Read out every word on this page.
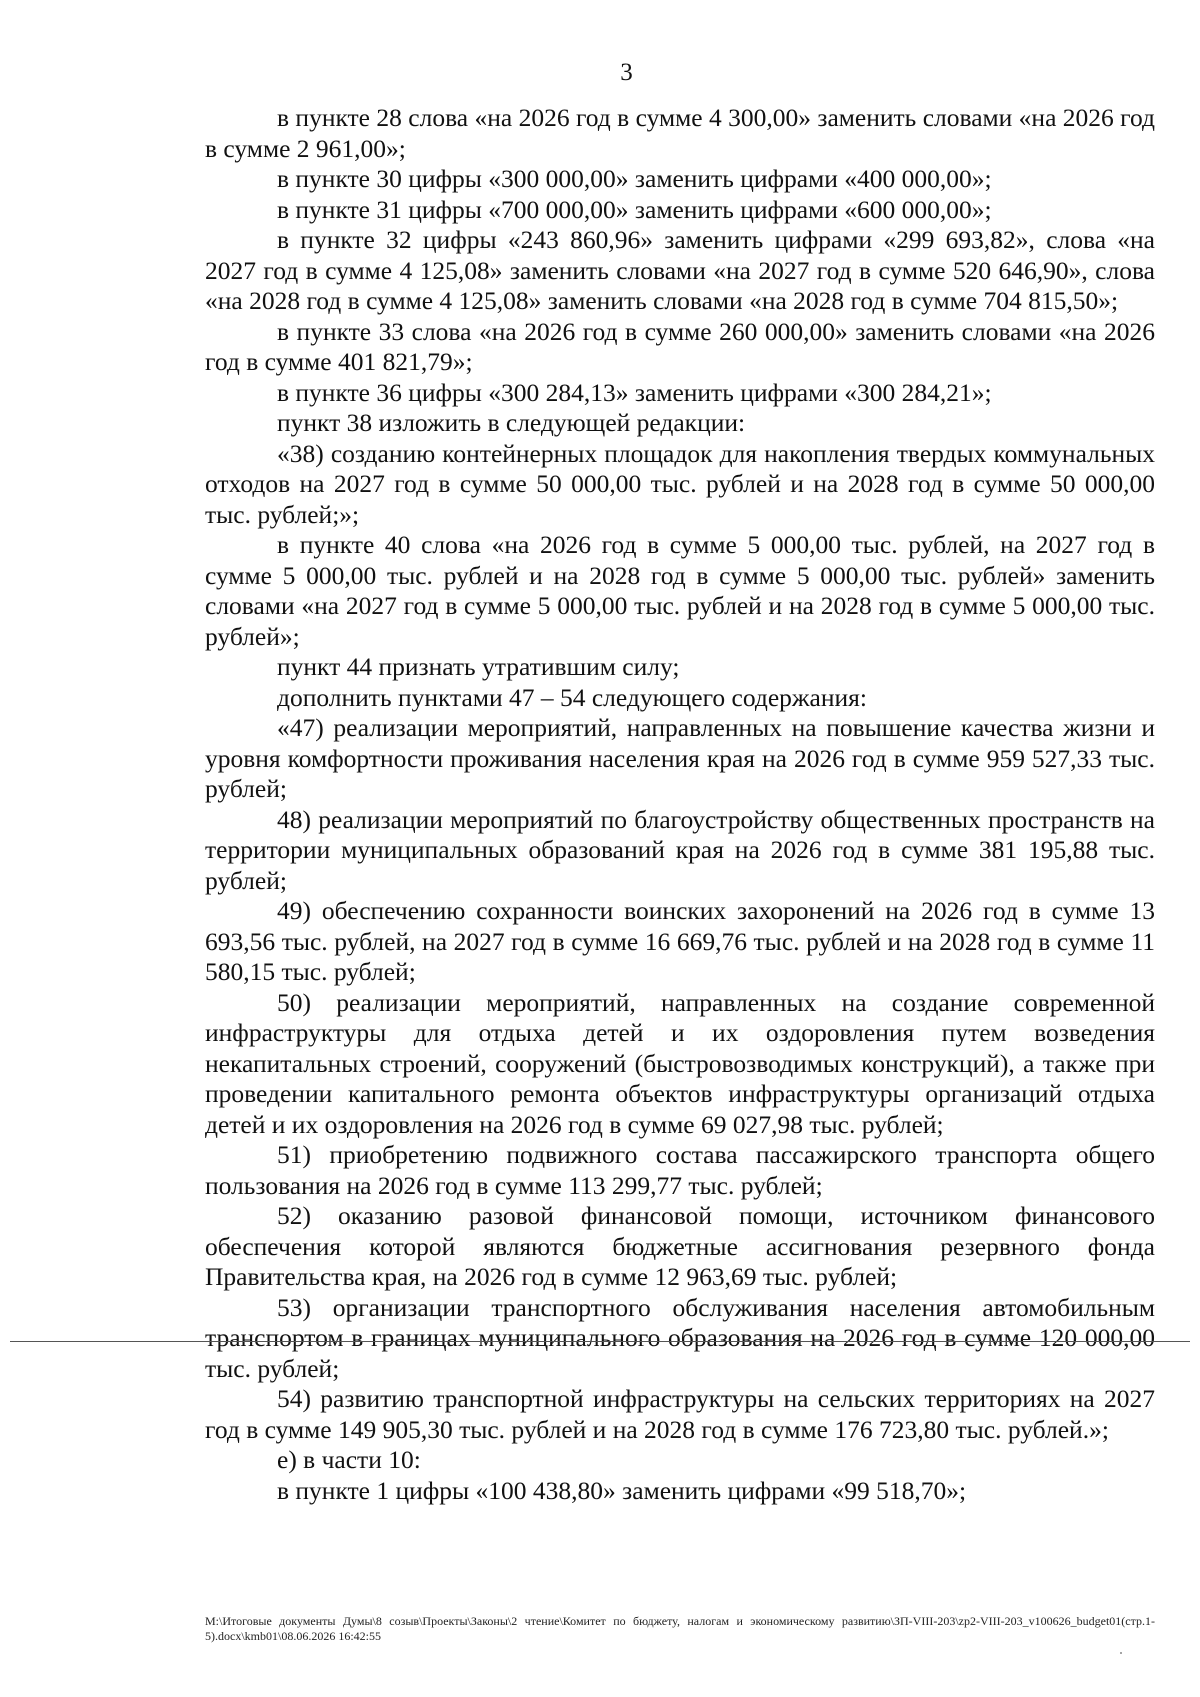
3

в пункте 28 слова «на 2026 год в сумме 4 300,00» заменить словами «на 2026 год в сумме 2 961,00»;

в пункте 30 цифры «300 000,00» заменить цифрами «400 000,00»;

в пункте 31 цифры «700 000,00» заменить цифрами «600 000,00»;

в пункте 32 цифры «243 860,96» заменить цифрами «299 693,82», слова «на 2027 год в сумме 4 125,08» заменить словами «на 2027 год в сумме 520 646,90», слова «на 2028 год в сумме 4 125,08» заменить словами «на 2028 год в сумме 704 815,50»;

в пункте 33 слова «на 2026 год в сумме 260 000,00» заменить словами «на 2026 год в сумме 401 821,79»;

в пункте 36 цифры «300 284,13» заменить цифрами «300 284,21»;

пункт 38 изложить в следующей редакции:

«38) созданию контейнерных площадок для накопления твердых коммунальных отходов на 2027 год в сумме 50 000,00 тыс. рублей и на 2028 год в сумме 50 000,00 тыс. рублей;»;

в пункте 40 слова «на 2026 год в сумме 5 000,00 тыс. рублей, на 2027 год в сумме 5 000,00 тыс. рублей и на 2028 год в сумме 5 000,00 тыс. рублей» заменить словами «на 2027 год в сумме 5 000,00 тыс. рублей и на 2028 год в сумме 5 000,00 тыс. рублей»;

пункт 44 признать утратившим силу;

дополнить пунктами 47 – 54 следующего содержания:

«47) реализации мероприятий, направленных на повышение качества жизни и уровня комфортности проживания населения края на 2026 год в сумме 959 527,33 тыс. рублей;

48) реализации мероприятий по благоустройству общественных пространств на территории муниципальных образований края на 2026 год в сумме 381 195,88 тыс. рублей;

49) обеспечению сохранности воинских захоронений на 2026 год в сумме 13 693,56 тыс. рублей, на 2027 год в сумме 16 669,76 тыс. рублей и на 2028 год в сумме 11 580,15 тыс. рублей;

50) реализации мероприятий, направленных на создание современной инфраструктуры для отдыха детей и их оздоровления путем возведения некапитальных строений, сооружений (быстровозводимых конструкций), а также при проведении капитального ремонта объектов инфраструктуры организаций отдыха детей и их оздоровления на 2026 год в сумме 69 027,98 тыс. рублей;

51) приобретению подвижного состава пассажирского транспорта общего пользования на 2026 год в сумме 113 299,77 тыс. рублей;

52) оказанию разовой финансовой помощи, источником финансового обеспечения которой являются бюджетные ассигнования резервного фонда Правительства края, на 2026 год в сумме 12 963,69 тыс. рублей;

53) организации транспортного обслуживания населения автомобильным транспортом в границах муниципального образования на 2026 год в сумме 120 000,00 тыс. рублей;

54) развитию транспортной инфраструктуры на сельских территориях на 2027 год в сумме 149 905,30 тыс. рублей и на 2028 год в сумме 176 723,80 тыс. рублей.»;

е) в части 10:

в пункте 1 цифры «100 438,80» заменить цифрами «99 518,70»;

М:\Итоговые документы Думы\8 созыв\Проекты\Законы\2 чтение\Комитет по бюджету, налогам и экономическому развитию\ЗП-VIII-203\zp2-VIII-203_v100626_budget01(стр.1-5).docx\kmb01\08.06.2026 16:42:55
